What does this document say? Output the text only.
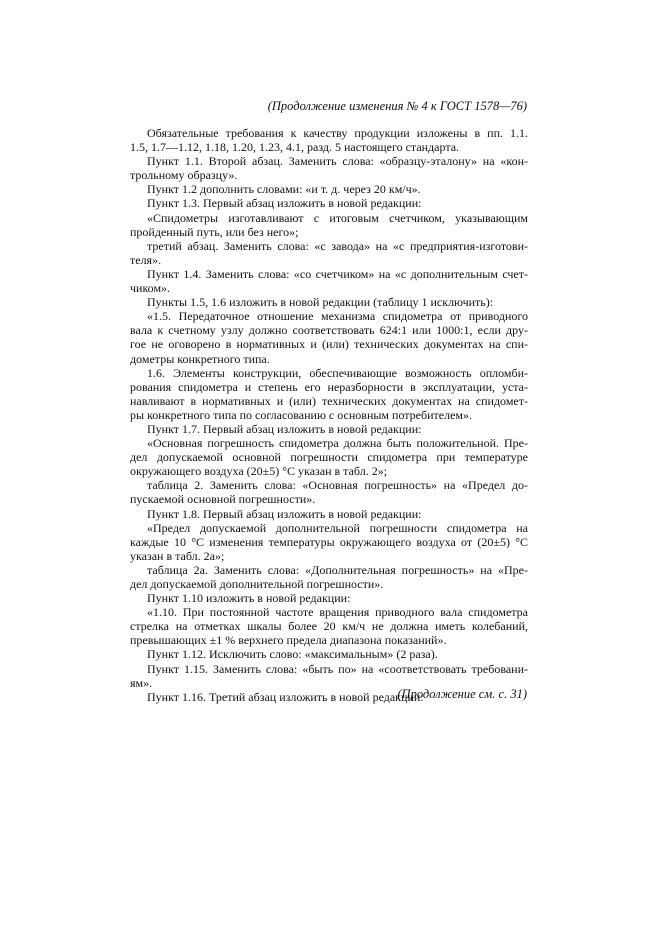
(Продолжение изменения № 4 к ГОСТ 1578—76)
Обязательные требования к качеству продукции изложены в пп. 1.1.
1.5, 1.7—1.12, 1.18, 1.20, 1.23, 4.1, разд. 5 настоящего стандарта.
Пункт 1.1. Второй абзац. Заменить слова: «образцу-эталону» на «кон-
трольному образцу».
Пункт 1.2 дополнить словами: «и т. д. через 20 км/ч».
Пункт 1.3. Первый абзац изложить в новой редакции:
«Спидометры изготавливают с итоговым счетчиком, указывающим
пройденный путь, или без него»;
третий абзац. Заменить слова: «с завода» на «с предприятия-изготови-
теля».
Пункт 1.4. Заменить слова: «со счетчиком» на «с дополнительным счет-
чиком».
Пункты 1.5, 1.6 изложить в новой редакции (таблицу 1 исключить):
«1.5. Передаточное отношение механизма спидометра от приводного
вала к счетному узлу должно соответствовать 624:1 или 1000:1, если дру-
гое не оговорено в нормативных и (или) технических документах на спи-
дометры конкретного типа.
1.6. Элементы конструкции, обеспечивающие возможность опломби-
рования спидометра и степень его неразборности в эксплуатации, уста-
навливают в нормативных и (или) технических документах на спидомет-
ры конкретного типа по согласованию с основным потребителем».
Пункт 1.7. Первый абзац изложить в новой редакции:
«Основная погрешность спидометра должна быть положительной. Пре-
дел допускаемой основной погрешности спидометра при температуре
окружающего воздуха (20±5) °С указан в табл. 2»;
таблица 2. Заменить слова: «Основная погрешность» на «Предел до-
пускаемой основной погрешности».
Пункт 1.8. Первый абзац изложить в новой редакции:
«Предел допускаемой дополнительной погрешности спидометра на
каждые 10 °С изменения температуры окружающего воздуха от (20±5) °С
указан в табл. 2а»;
таблица 2а. Заменить слова: «Дополнительная погрешность» на «Пре-
дел допускаемой дополнительной погрешности».
Пункт 1.10 изложить в новой редакции:
«1.10. При постоянной частоте вращения приводного вала спидометра
стрелка на отметках шкалы более 20 км/ч не должна иметь колебаний,
превышающих ±1 % верхнего предела диапазона показаний».
Пункт 1.12. Исключить слово: «максимальным» (2 раза).
Пункт 1.15. Заменить слова: «быть по» на «соответствовать требовани-
ям».
Пункт 1.16. Третий абзац изложить в новой редакции:
(Продолжение см. с. 31)
